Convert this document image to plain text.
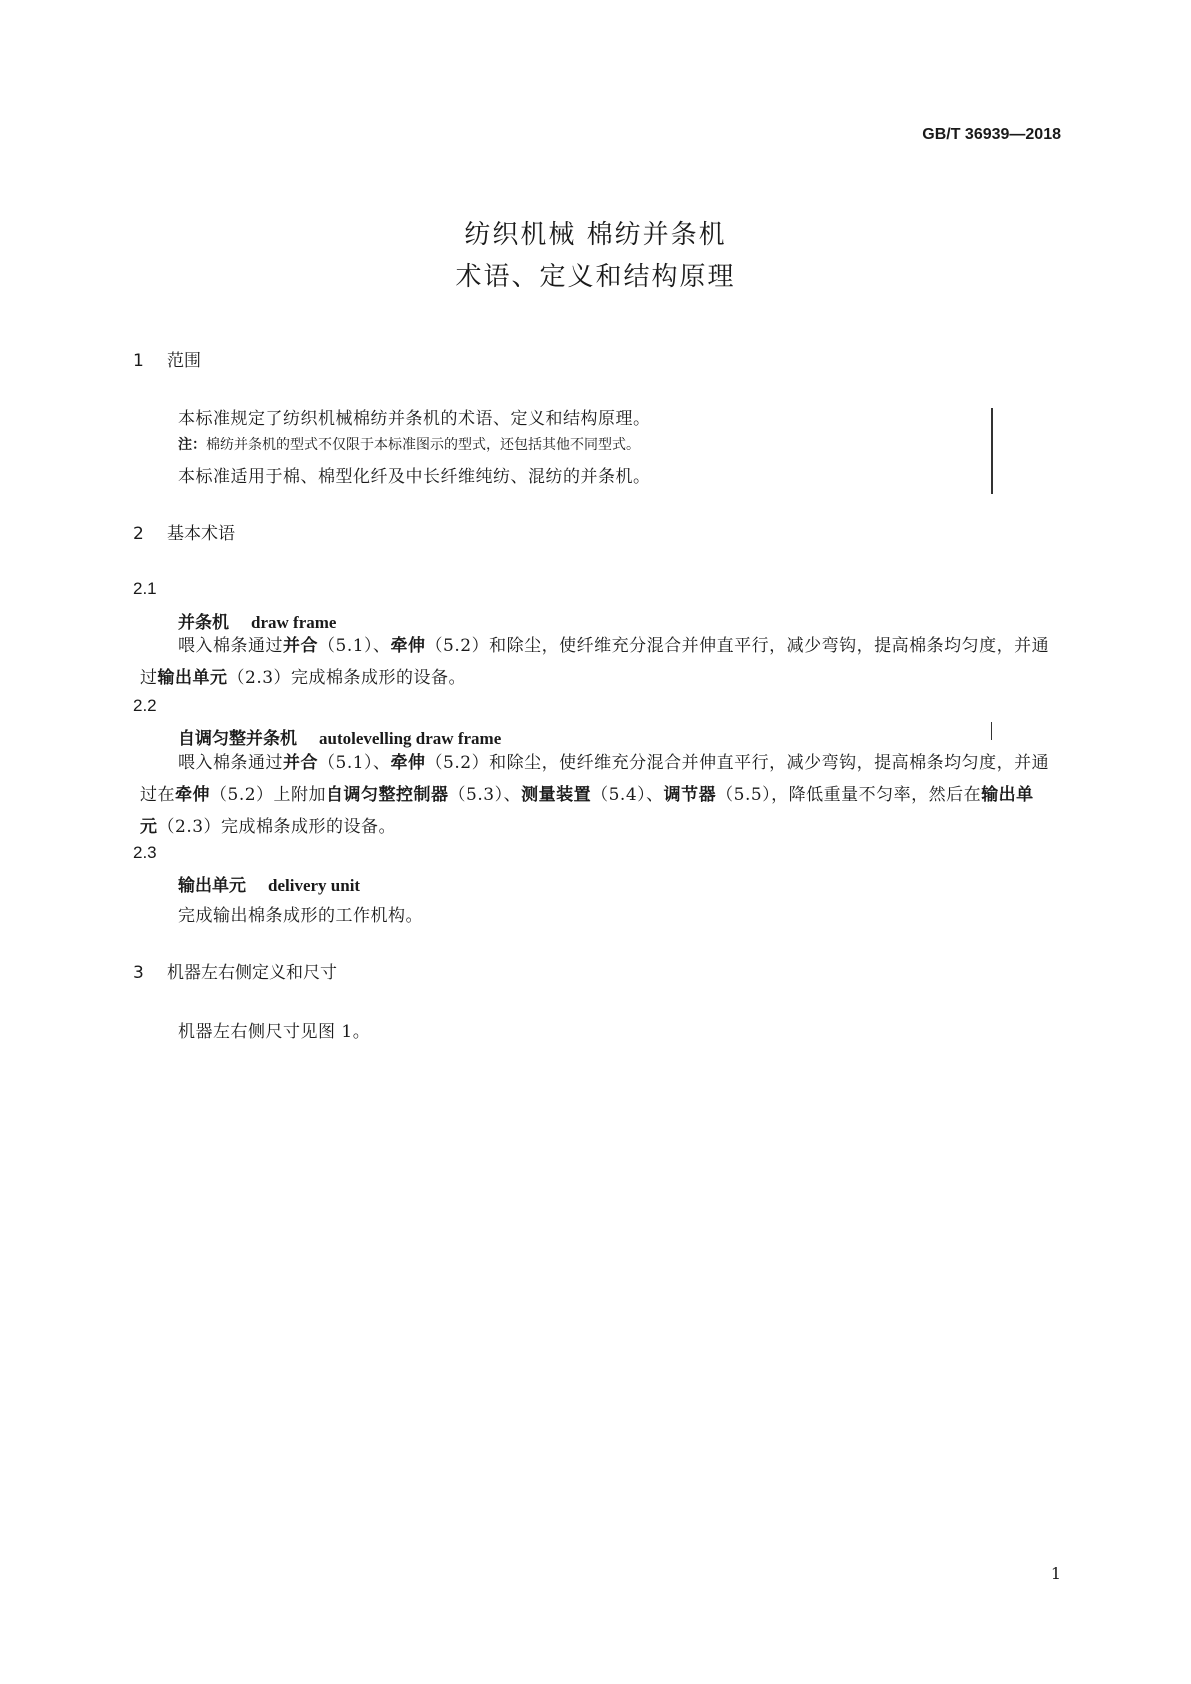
GB/T 36939—2018
纺织机械 棉纺并条机
术语、定义和结构原理
1 范围
本标准规定了纺织机械棉纺并条机的术语、定义和结构原理。
注：棉纺并条机的型式不仅限于本标准图示的型式，还包括其他不同型式。
本标准适用于棉、棉型化纤及中长纤维纯纺、混纺的并条机。
2 基本术语
2.1
并条机 draw frame
喂入棉条通过并合（5.1）、牵伸（5.2）和除尘，使纤维充分混合并伸直平行，减少弯钩，提高棉条均匀度，并通过输出单元（2.3）完成棉条成形的设备。
2.2
自调匀整并条机 autolevelling draw frame
喂入棉条通过并合（5.1）、牵伸（5.2）和除尘，使纤维充分混合并伸直平行，减少弯钩，提高棉条均匀度，并通过在牵伸（5.2）上附加自调匀整控制器（5.3）、测量装置（5.4）、调节器（5.5），降低重量不匀率，然后在输出单元（2.3）完成棉条成形的设备。
2.3
输出单元 delivery unit
完成输出棉条成形的工作机构。
3 机器左右侧定义和尺寸
机器左右侧尺寸见图 1。
1
